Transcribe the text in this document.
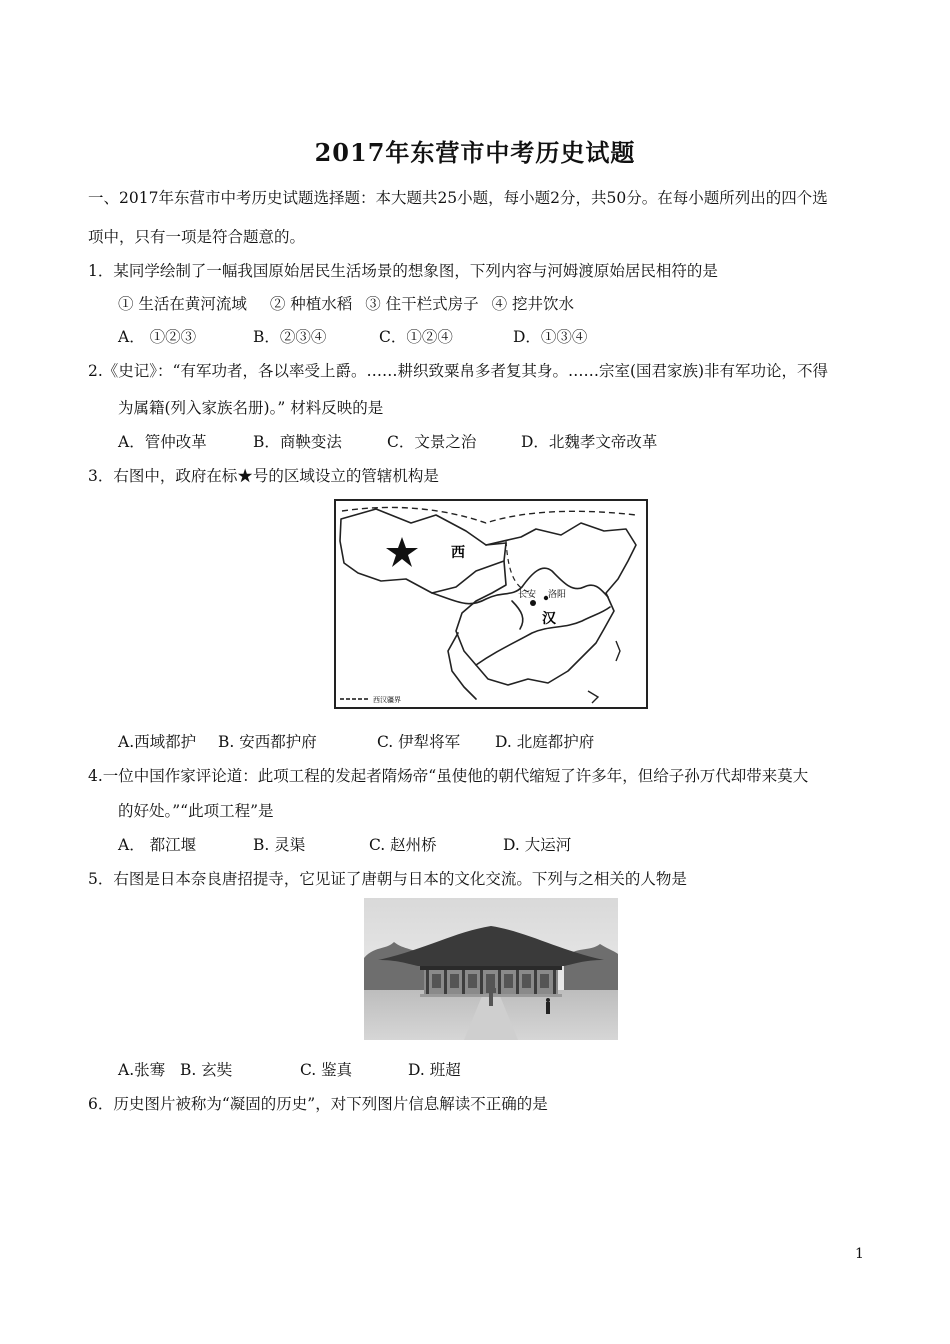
2017年东营市中考历史试题
一、2017年东营市中考历史试题选择题：本大题共25小题，每小题2分，共50分。在每小题所列出的四个选
项中，只有一项是符合题意的。
1．某同学绘制了一幅我国原始居民生活场景的想象图，下列内容与河姆渡原始居民相符的是
① 生活在黄河流域 ② 种植水稻 ③ 住干栏式房子 ④ 挖井饮水
A． ①②③	B．②③④	C．①②④	D．①③④
2.《史记》：“有军功者，各以率受上爵。……耕织致粟帛多者复其身。……宗室(国君家族)非有军功论，不得
为属籍(列入家族名册)。” 材料反映的是
A．管仲改革	B．商鞅变法	C．文景之治	D．北魏孝文帝改革
3．右图中，政府在标★号的区域设立的管辖机构是
西
长安 洛阳
汉
西汉疆界
A.西域都护 B. 安西都护府	C. 伊犁将军 D. 北庭都护府
4.一位中国作家评论道：此项工程的发起者隋炀帝“虽使他的朝代缩短了许多年，但给子孙万代却带来莫大
的好处。”“此项工程”是
A． 都江堰	B. 灵渠	C. 赵州桥	D. 大运河
5．右图是日本奈良唐招提寺，它见证了唐朝与日本的文化交流。下列与之相关的人物是
A.张骞 B. 玄奘	C. 鉴真	D. 班超
6．历史图片被称为“凝固的历史”，对下列图片信息解读不正确的是
1
